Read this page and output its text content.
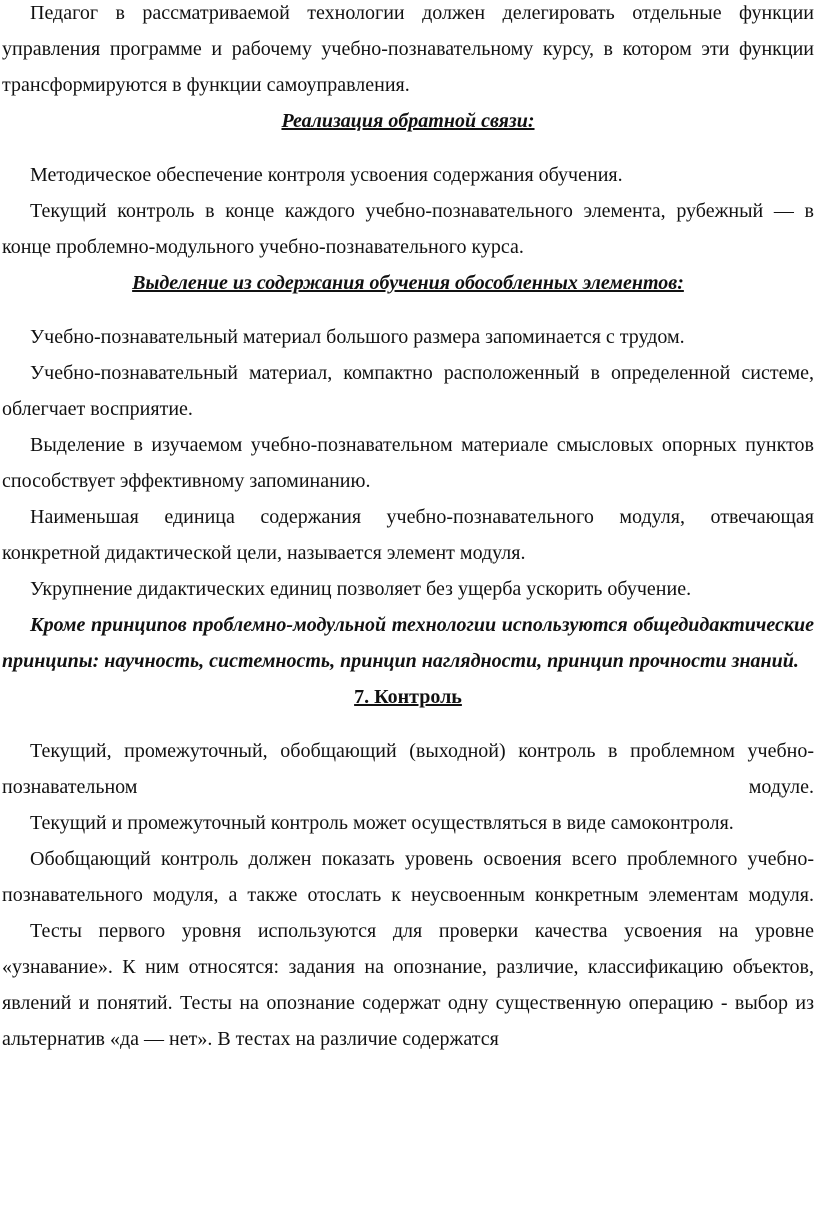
Педагог в рассматриваемой технологии должен делегировать отдельные функции управления программе и рабочему учебно-познавательному курсу, в котором эти функции трансформируются в функции самоуправления.

Реализация обратной связи:

Методическое обеспечение контроля усвоения содержания обучения.

Текущий контроль в конце каждого учебно-познавательного элемента, рубежный — в конце проблемно-модульного учебно-познавательного курса.

Выделение из содержания обучения обособленных элементов:

Учебно-познавательный материал большого размера запоминается с трудом.

Учебно-познавательный материал, компактно расположенный в определенной системе, облегчает восприятие.

Выделение в изучаемом учебно-познавательном материале смысловых опорных пунктов способствует эффективному запоминанию.

Наименьшая единица содержания учебно-познавательного модуля, отвечающая конкретной дидактической цели, называется элемент модуля.

Укрупнение дидактических единиц позволяет без ущерба ускорить обучение.

Кроме принципов проблемно-модульной технологии используются общедидактические принципы: научность, системность, принцип наглядности, принцип прочности знаний.

7. Контроль

Текущий, промежуточный, обобщающий (выходной) контроль в проблемном учебно-познавательном модуле.

Текущий и промежуточный контроль может осуществляться в виде самоконтроля.

Обобщающий контроль должен показать уровень освоения всего проблемного учебно-познавательного модуля, а также отослать к неусвоенным конкретным элементам модуля.

Тесты первого уровня используются для проверки качества усвоения на уровне «узнавание». К ним относятся: задания на опознание, различие, классификацию объектов, явлений и понятий. Тесты на опознание содержат одну существенную операцию - выбор из альтернатив «да — нет». В тестах на различие содержатся
